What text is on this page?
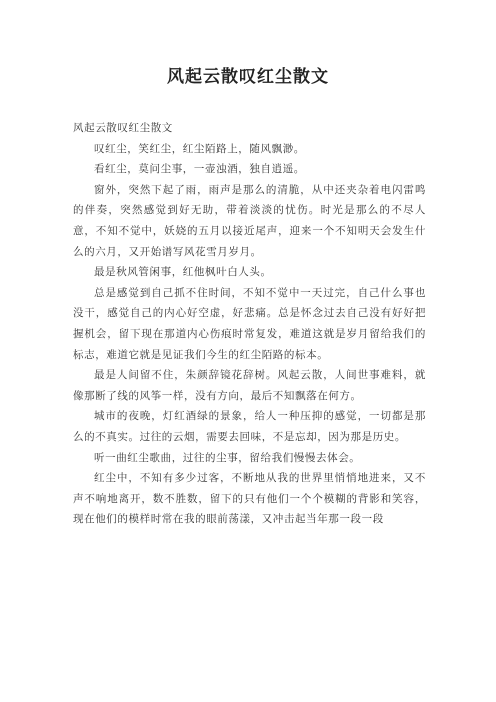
风起云散叹红尘散文

风起云散叹红尘散文

叹红尘，笑红尘，红尘陌路上，随风飘渺。

看红尘，莫问尘事，一壶浊酒，独自逍遥。

窗外，突然下起了雨，雨声是那么的清脆，从中还夹杂着电闪雷鸣的伴奏，突然感觉到好无助，带着淡淡的忧伤。时光是那么的不尽人意，不知不觉中，妖娆的五月以接近尾声，迎来一个不知明天会发生什么的六月，又开始谱写风花雪月岁月。

最是秋风管闲事，红他枫叶白人头。

总是感觉到自己抓不住时间，不知不觉中一天过完，自己什么事也没干，感觉自己的内心好空虚，好悲痛。总是怀念过去自己没有好好把握机会，留下现在那道内心伤痕时常复发，难道这就是岁月留给我们的标志，难道它就是见证我们今生的红尘陌路的标本。

最是人间留不住，朱颜辞镜花辞树。风起云散，人间世事难料，就像那断了线的风筝一样，没有方向，最后不知飘落在何方。

城市的夜晚，灯红酒绿的景象，给人一种压抑的感觉，一切都是那么的不真实。过往的云烟，需要去回味，不是忘却，因为那是历史。

听一曲红尘歌曲，过往的尘事，留给我们慢慢去体会。

红尘中，不知有多少过客，不断地从我的世界里悄悄地进来，又不声不响地离开，数不胜数，留下的只有他们一个个模糊的背影和笑容，现在他们的模样时常在我的眼前荡漾，又冲击起当年那一段一段
